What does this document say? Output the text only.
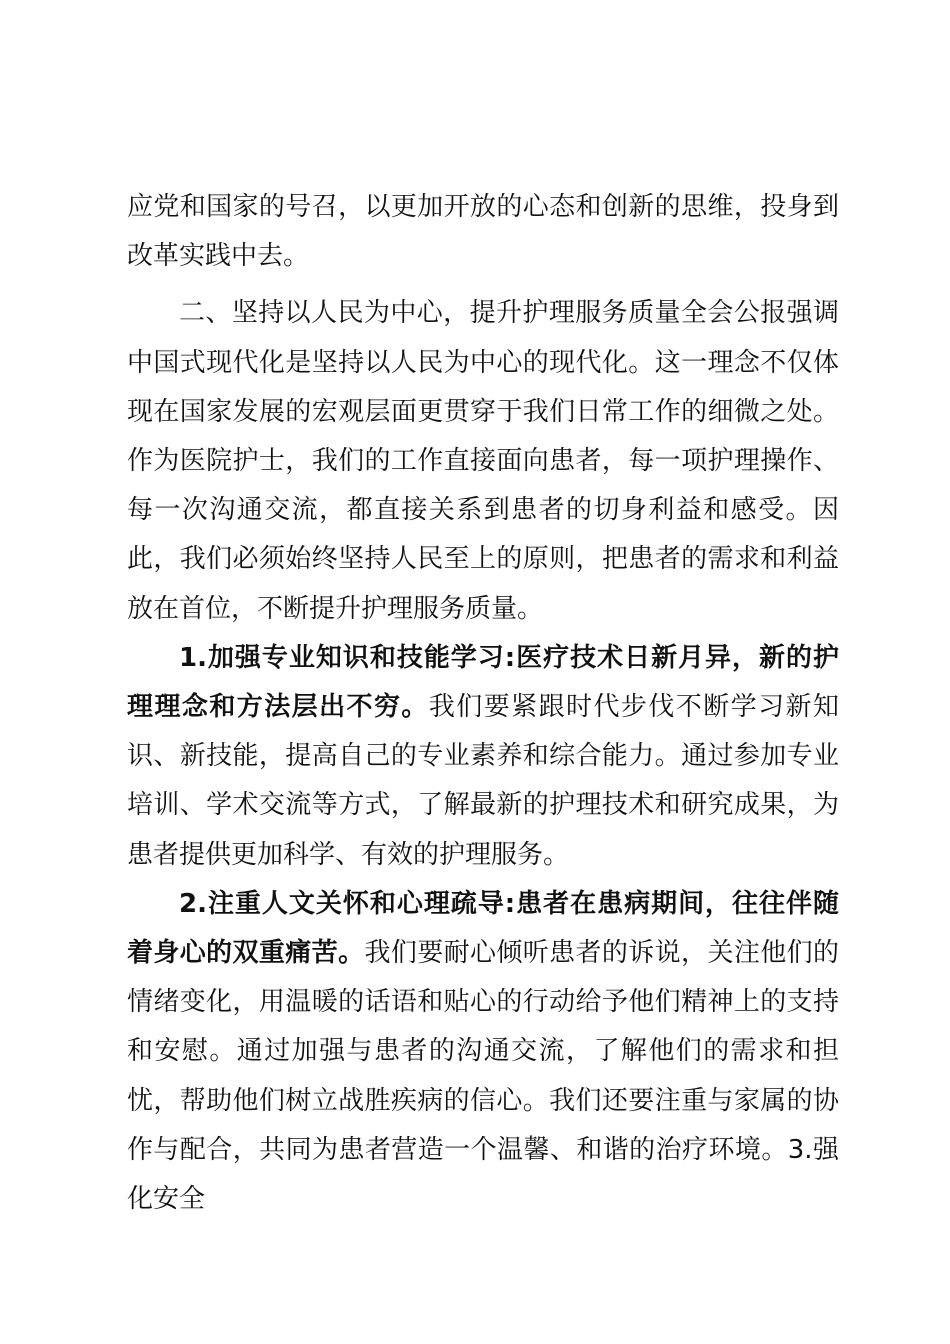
应党和国家的号召，以更加开放的心态和创新的思维，投身到改革实践中去。

二、坚持以人民为中心，提升护理服务质量全会公报强调中国式现代化是坚持以人民为中心的现代化。这一理念不仅体现在国家发展的宏观层面更贯穿于我们日常工作的细微之处。作为医院护士，我们的工作直接面向患者，每一项护理操作、每一次沟通交流，都直接关系到患者的切身利益和感受。因此，我们必须始终坚持人民至上的原则，把患者的需求和利益放在首位，不断提升护理服务质量。

1.加强专业知识和技能学习:医疗技术日新月异，新的护理理念和方法层出不穷。我们要紧跟时代步伐不断学习新知识、新技能，提高自己的专业素养和综合能力。通过参加专业培训、学术交流等方式，了解最新的护理技术和研究成果，为患者提供更加科学、有效的护理服务。

2.注重人文关怀和心理疏导:患者在患病期间，往往伴随着身心的双重痛苦。我们要耐心倾听患者的诉说，关注他们的情绪变化，用温暖的话语和贴心的行动给予他们精神上的支持和安慰。通过加强与患者的沟通交流，了解他们的需求和担忧，帮助他们树立战胜疾病的信心。我们还要注重与家属的协作与配合，共同为患者营造一个温馨、和谐的治疗环境。3.强化安全
